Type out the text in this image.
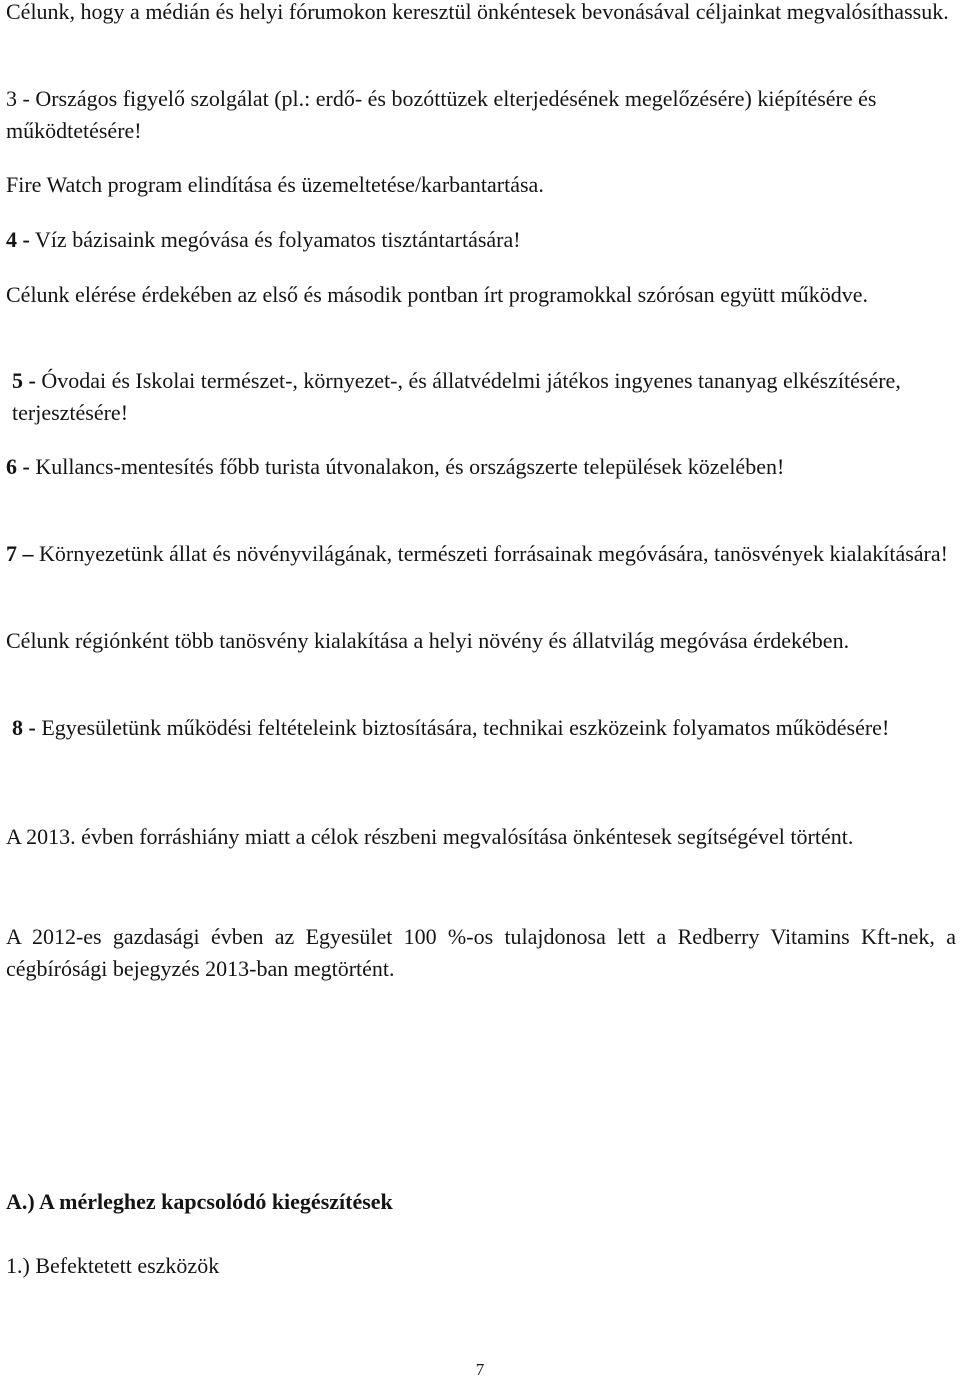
Célunk, hogy a médián és helyi fórumokon keresztül önkéntesek bevonásával céljainkat megvalósíthassuk.

3 - Országos figyelő szolgálat (pl.: erdő- és bozóttüzek elterjedésének megelőzésére) kiépítésére és működtetésére!

Fire Watch program elindítása és üzemeltetése/karbantartása.

4 - Víz bázisaink megóvása és folyamatos tisztántartására!

Célunk elérése érdekében az első és második pontban írt programokkal szórósan együtt működve.

5 - Óvodai és Iskolai természet-, környezet-, és állatvédelmi játékos ingyenes tananyag elkészítésére, terjesztésére!

6 - Kullancs-mentesítés főbb turista útvonalakon, és országszerte települések közelében!

7 – Környezetünk állat és növényvilágának, természeti forrásainak megóvására, tanösvények kialakítására!

Célunk régiónként több tanösvény kialakítása a helyi növény és állatvilág megóvása érdekében.

8 - Egyesületünk működési feltételeink biztosítására, technikai eszközeink folyamatos működésére!

A 2013. évben forráshiány miatt a célok részbeni megvalósítása önkéntesek segítségével történt.

A 2012-es gazdasági évben az Egyesület 100 %-os tulajdonosa lett a Redberry Vitamins Kft-nek, a cégbírósági bejegyzés 2013-ban megtörtént.

A.) A mérleghez kapcsolódó kiegészítések

1.) Befektetett eszközök

7
